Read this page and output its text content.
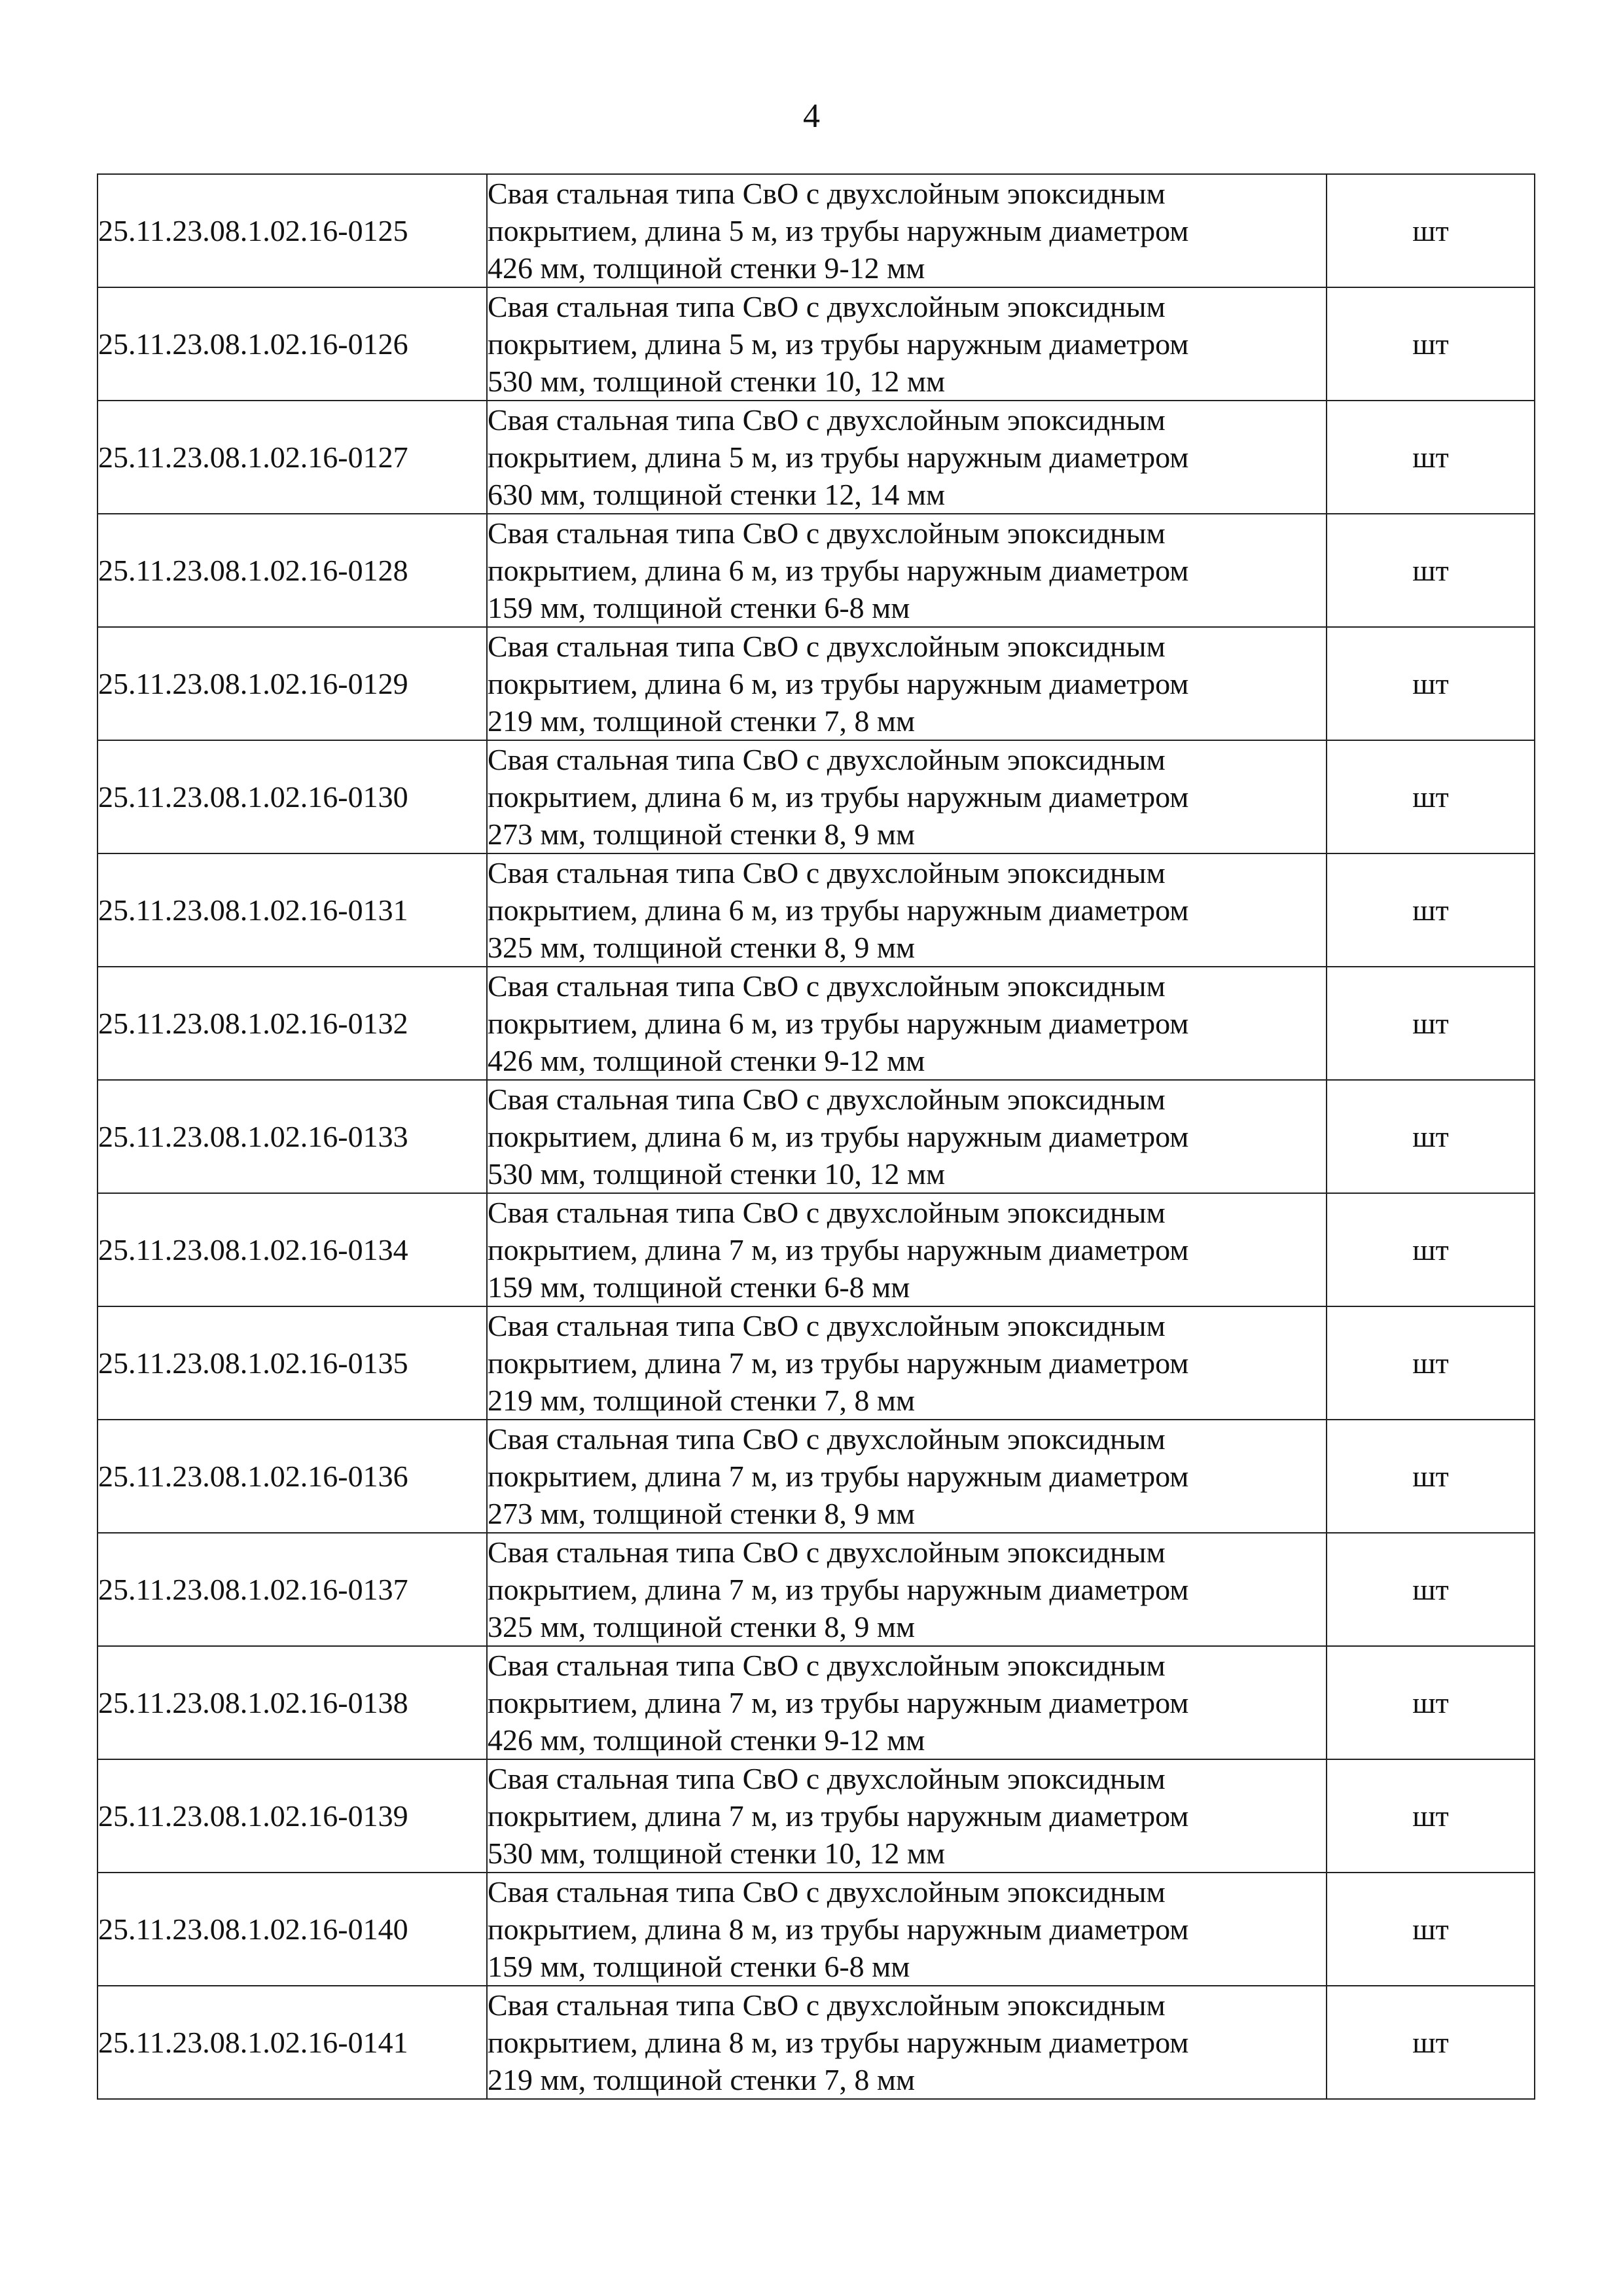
4
25.11.23.08.1.02.16-0125	Свая стальная типа СвО с двухслойным эпоксидным
покрытием, длина 5 м, из трубы наружным диаметром
426 мм, толщиной стенки 9-12 мм	шт
25.11.23.08.1.02.16-0126	Свая стальная типа СвО с двухслойным эпоксидным
покрытием, длина 5 м, из трубы наружным диаметром
530 мм, толщиной стенки 10, 12 мм	шт
25.11.23.08.1.02.16-0127	Свая стальная типа СвО с двухслойным эпоксидным
покрытием, длина 5 м, из трубы наружным диаметром
630 мм, толщиной стенки 12, 14 мм	шт
25.11.23.08.1.02.16-0128	Свая стальная типа СвО с двухслойным эпоксидным
покрытием, длина 6 м, из трубы наружным диаметром
159 мм, толщиной стенки 6-8 мм	шт
25.11.23.08.1.02.16-0129	Свая стальная типа СвО с двухслойным эпоксидным
покрытием, длина 6 м, из трубы наружным диаметром
219 мм, толщиной стенки 7, 8 мм	шт
25.11.23.08.1.02.16-0130	Свая стальная типа СвО с двухслойным эпоксидным
покрытием, длина 6 м, из трубы наружным диаметром
273 мм, толщиной стенки 8, 9 мм	шт
25.11.23.08.1.02.16-0131	Свая стальная типа СвО с двухслойным эпоксидным
покрытием, длина 6 м, из трубы наружным диаметром
325 мм, толщиной стенки 8, 9 мм	шт
25.11.23.08.1.02.16-0132	Свая стальная типа СвО с двухслойным эпоксидным
покрытием, длина 6 м, из трубы наружным диаметром
426 мм, толщиной стенки 9-12 мм	шт
25.11.23.08.1.02.16-0133	Свая стальная типа СвО с двухслойным эпоксидным
покрытием, длина 6 м, из трубы наружным диаметром
530 мм, толщиной стенки 10, 12 мм	шт
25.11.23.08.1.02.16-0134	Свая стальная типа СвО с двухслойным эпоксидным
покрытием, длина 7 м, из трубы наружным диаметром
159 мм, толщиной стенки 6-8 мм	шт
25.11.23.08.1.02.16-0135	Свая стальная типа СвО с двухслойным эпоксидным
покрытием, длина 7 м, из трубы наружным диаметром
219 мм, толщиной стенки 7, 8 мм	шт
25.11.23.08.1.02.16-0136	Свая стальная типа СвО с двухслойным эпоксидным
покрытием, длина 7 м, из трубы наружным диаметром
273 мм, толщиной стенки 8, 9 мм	шт
25.11.23.08.1.02.16-0137	Свая стальная типа СвО с двухслойным эпоксидным
покрытием, длина 7 м, из трубы наружным диаметром
325 мм, толщиной стенки 8, 9 мм	шт
25.11.23.08.1.02.16-0138	Свая стальная типа СвО с двухслойным эпоксидным
покрытием, длина 7 м, из трубы наружным диаметром
426 мм, толщиной стенки 9-12 мм	шт
25.11.23.08.1.02.16-0139	Свая стальная типа СвО с двухслойным эпоксидным
покрытием, длина 7 м, из трубы наружным диаметром
530 мм, толщиной стенки 10, 12 мм	шт
25.11.23.08.1.02.16-0140	Свая стальная типа СвО с двухслойным эпоксидным
покрытием, длина 8 м, из трубы наружным диаметром
159 мм, толщиной стенки 6-8 мм	шт
25.11.23.08.1.02.16-0141	Свая стальная типа СвО с двухслойным эпоксидным
покрытием, длина 8 м, из трубы наружным диаметром
219 мм, толщиной стенки 7, 8 мм	шт
